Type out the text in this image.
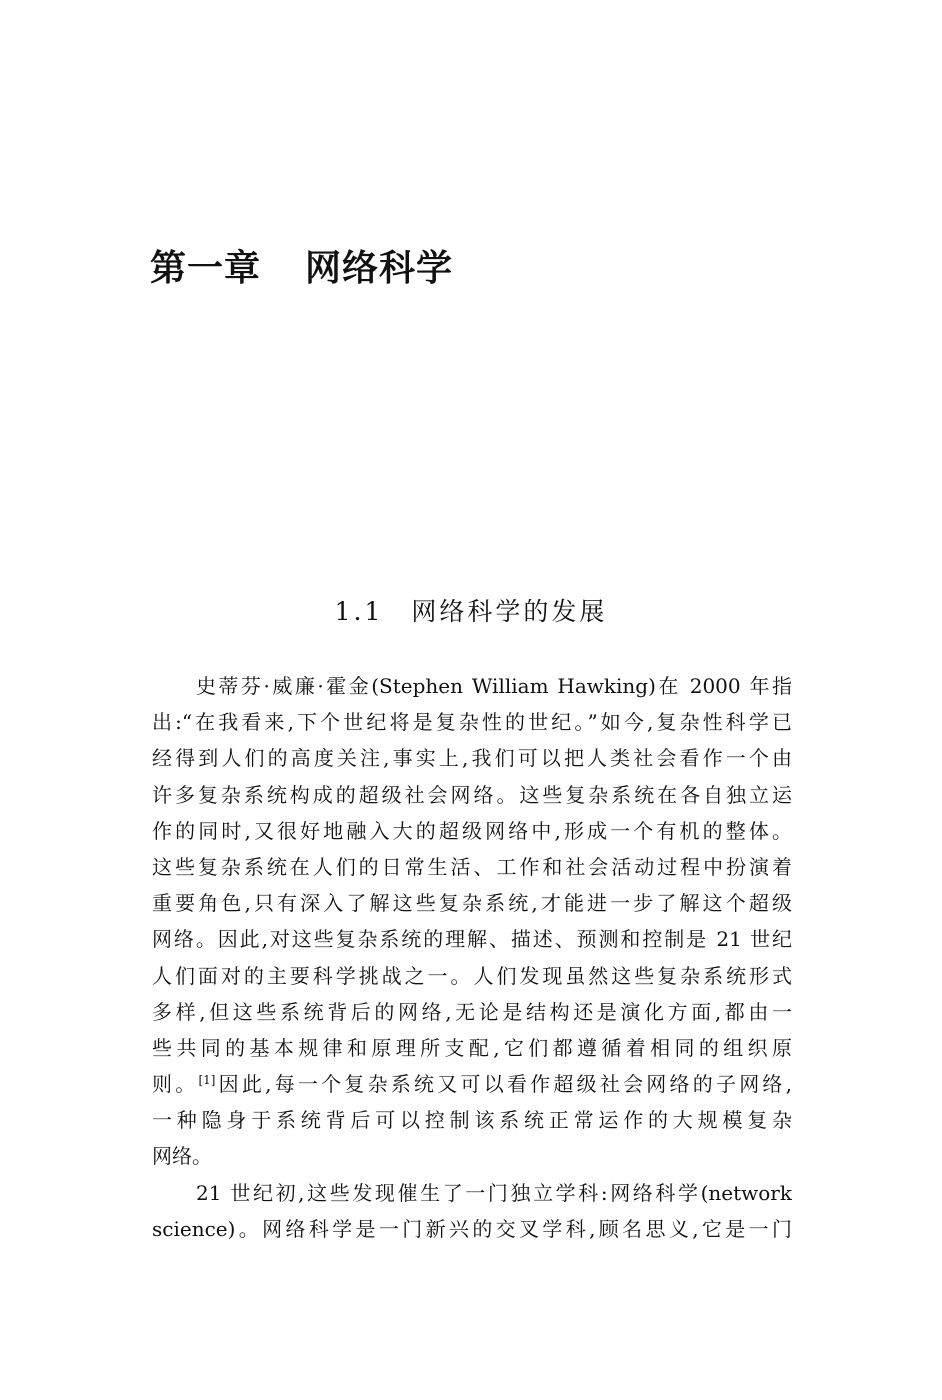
第一章 网络科学
1.1 网络科学的发展
史蒂芬·威廉·霍金(Stephen William Hawking)在 2000 年指
出:“在我看来,下个世纪将是复杂性的世纪。”如今,复杂性科学已
经得到人们的高度关注,事实上,我们可以把人类社会看作一个由
许多复杂系统构成的超级社会网络。这些复杂系统在各自独立运
作的同时,又很好地融入大的超级网络中,形成一个有机的整体。
这些复杂系统在人们的日常生活、工作和社会活动过程中扮演着
重要角色,只有深入了解这些复杂系统,才能进一步了解这个超级
网络。因此,对这些复杂系统的理解、描述、预测和控制是 21 世纪
人们面对的主要科学挑战之一。人们发现虽然这些复杂系统形式
多样,但这些系统背后的网络,无论是结构还是演化方面,都由一
些共同的基本规律和原理所支配,它们都遵循着相同的组织原
则。[1]因此,每一个复杂系统又可以看作超级社会网络的子网络,
一种隐身于系统背后可以控制该系统正常运作的大规模复杂
网络。
21 世纪初,这些发现催生了一门独立学科:网络科学(network
science)。网络科学是一门新兴的交叉学科,顾名思义,它是一门
